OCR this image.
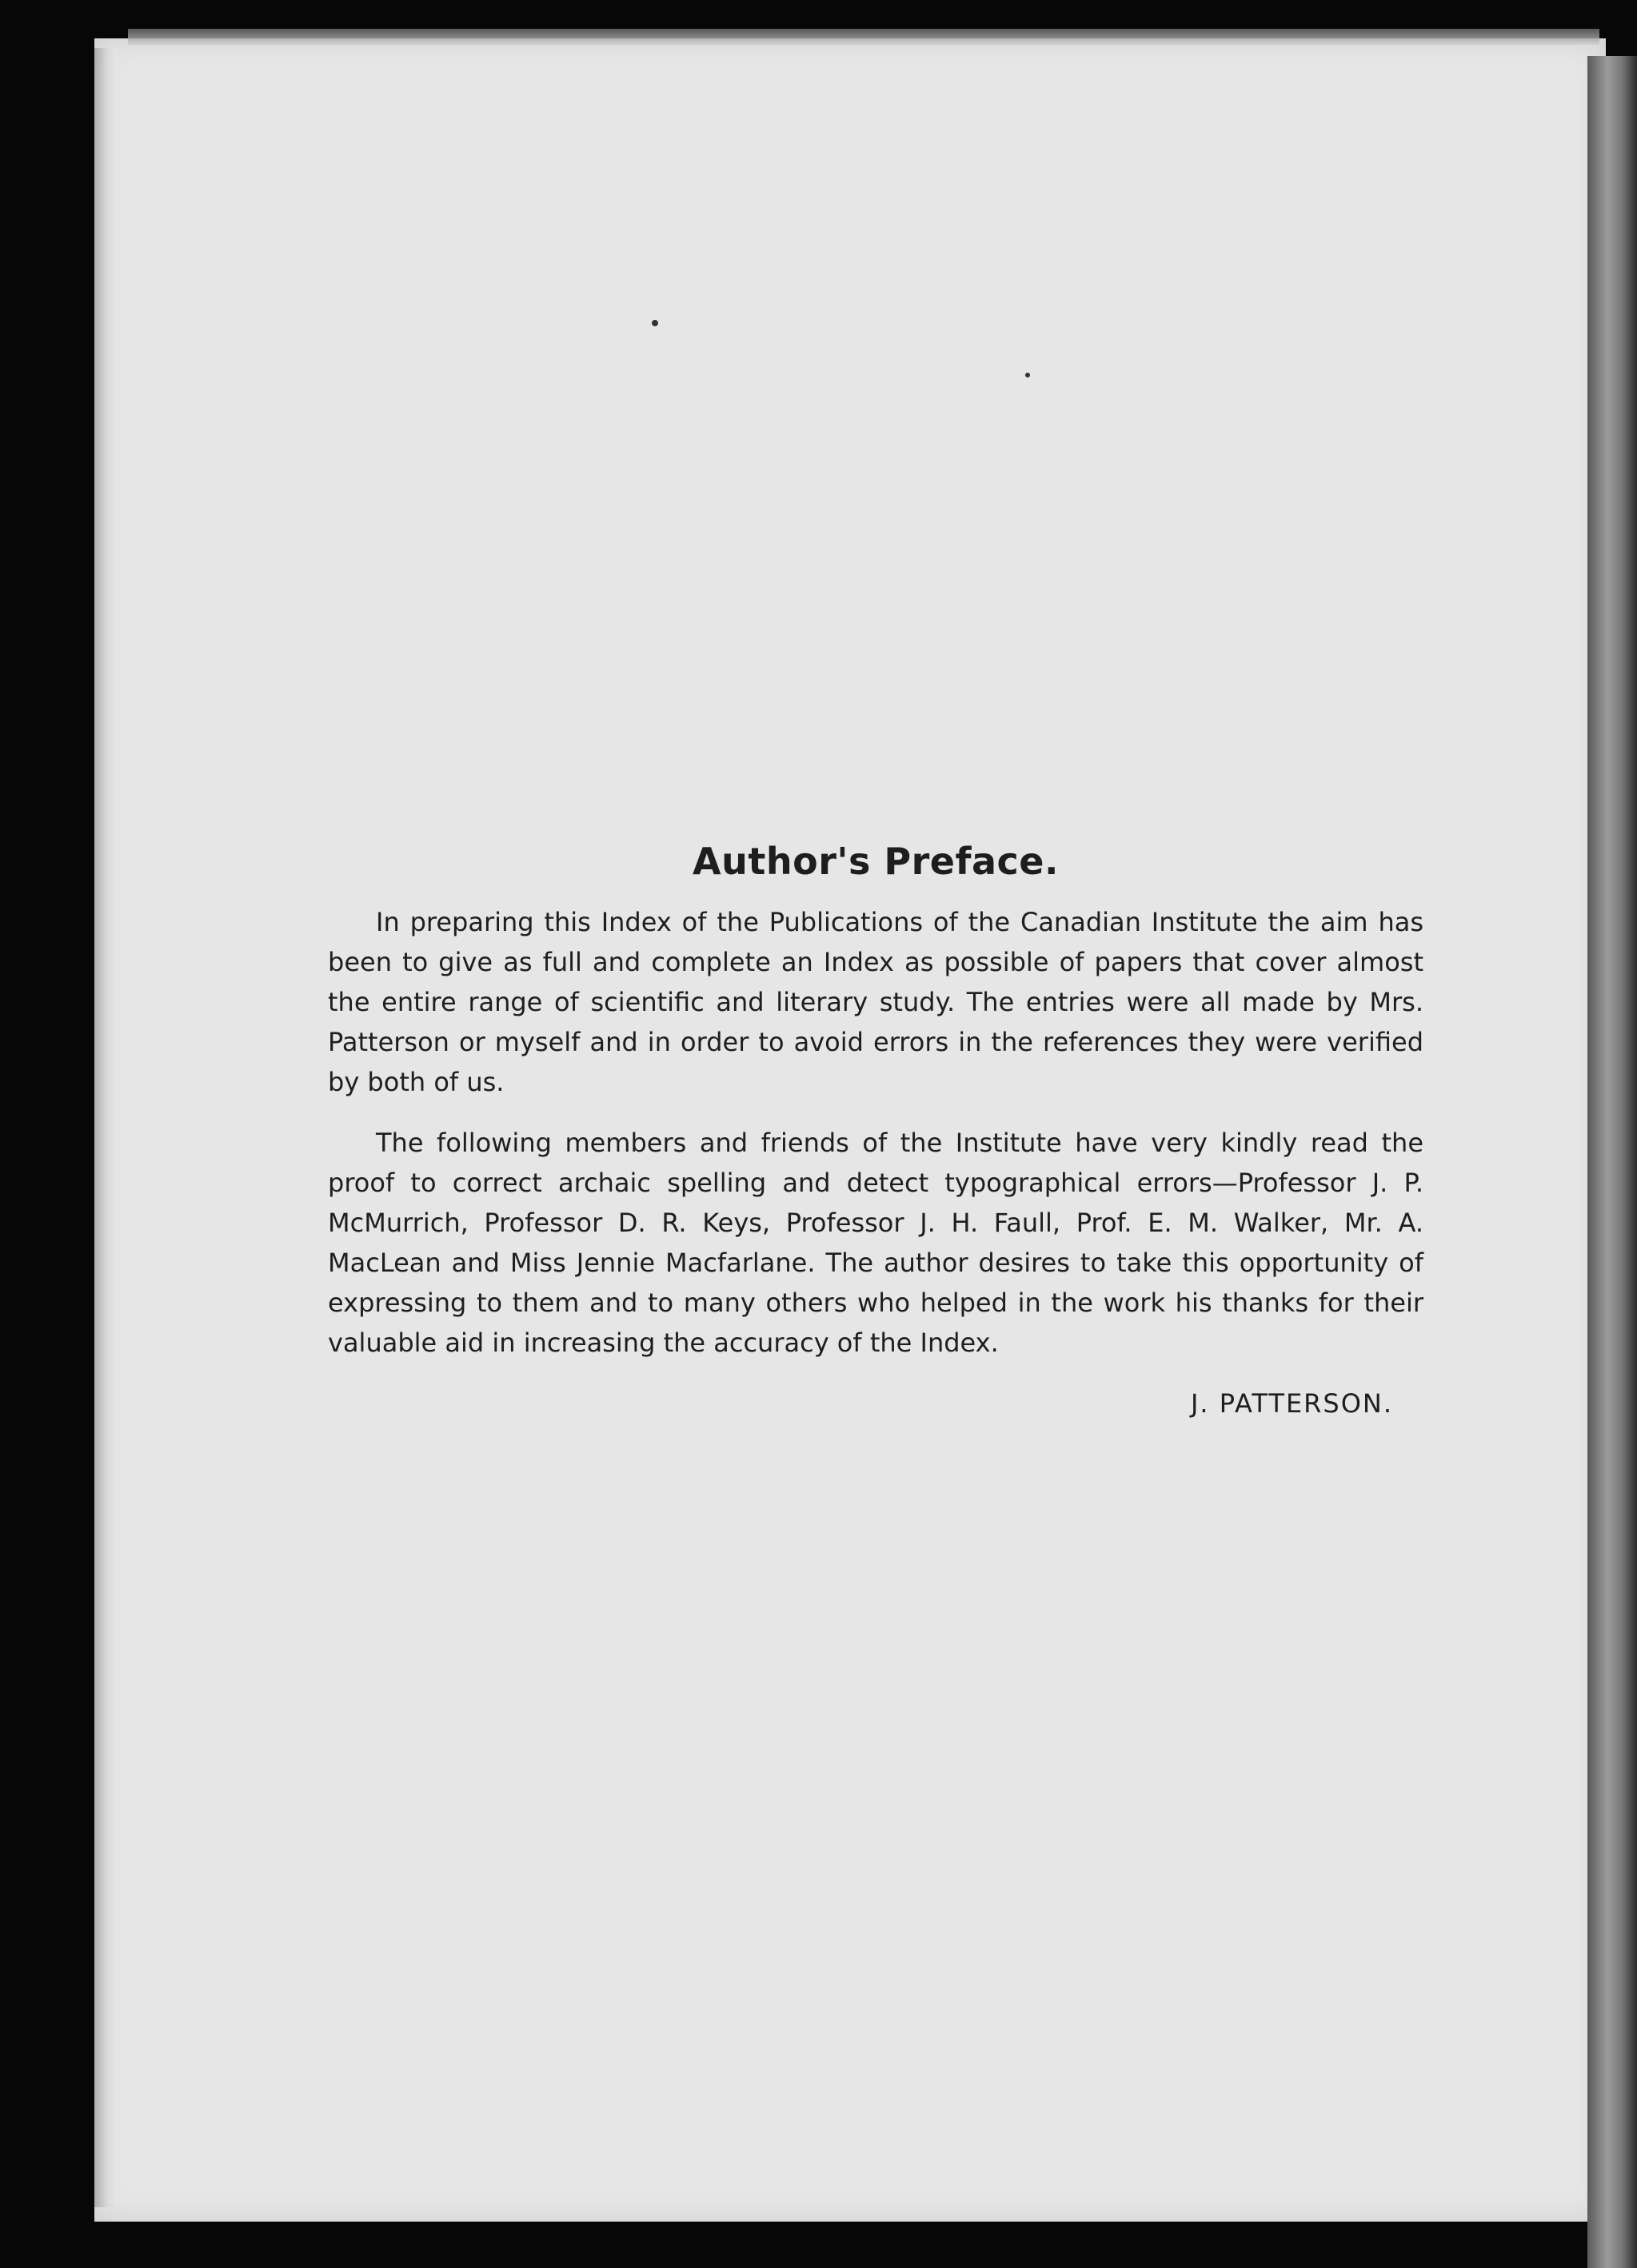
Author's Preface.

In preparing this Index of the Publications of the Canadian Institute the aim has been to give as full and complete an Index as possible of papers that cover almost the entire range of scientific and literary study. The entries were all made by Mrs. Patterson or myself and in order to avoid errors in the references they were verified by both of us.

The following members and friends of the Institute have very kindly read the proof to correct archaic spelling and detect typographical errors—Professor J. P. McMurrich, Professor D. R. Keys, Professor J. H. Faull, Prof. E. M. Walker, Mr. A. MacLean and Miss Jennie Macfarlane. The author desires to take this opportunity of expressing to them and to many others who helped in the work his thanks for their valuable aid in increasing the accuracy of the Index.

J. PATTERSON.
